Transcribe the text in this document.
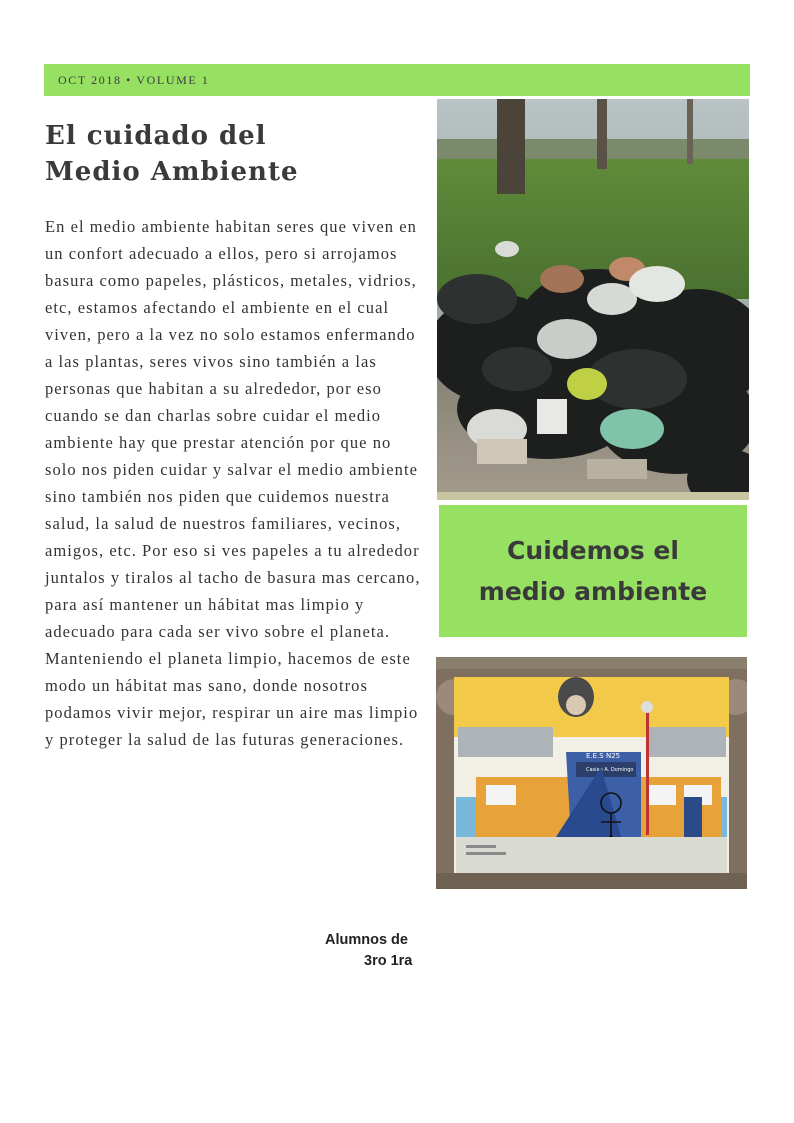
OCT 2018 • VOLUME 1
El cuidado del
Medio Ambiente

En el medio ambiente habitan seres que viven en un confort adecuado a ellos, pero si arrojamos basura como papeles, plásticos, metales, vidrios, etc, estamos afectando el ambiente en el cual viven, pero a la vez no solo estamos enfermando a las plantas, seres vivos sino también a las personas que habitan a su alrededor, por eso cuando se dan charlas sobre cuidar el medio ambiente hay que prestar atención por que no solo nos piden cuidar y salvar el medio ambiente sino también nos piden que cuidemos nuestra salud, la salud de nuestros familiares, vecinos, amigos, etc. Por eso si ves papeles a tu alrededor juntalos y tiralos al tacho de basura mas cercano, para así mantener un hábitat mas limpio y adecuado para cada ser vivo sobre el planeta. Manteniendo el planeta limpio, hacemos de este modo un hábitat mas sano, donde nosotros podamos vivir mejor, respirar un aire mas limpio y proteger la salud de las futuras generaciones.

Cuidemos el medio ambiente
E.E.S N25
Casian A. Domingo
Alumnos de
3ro 1ra
